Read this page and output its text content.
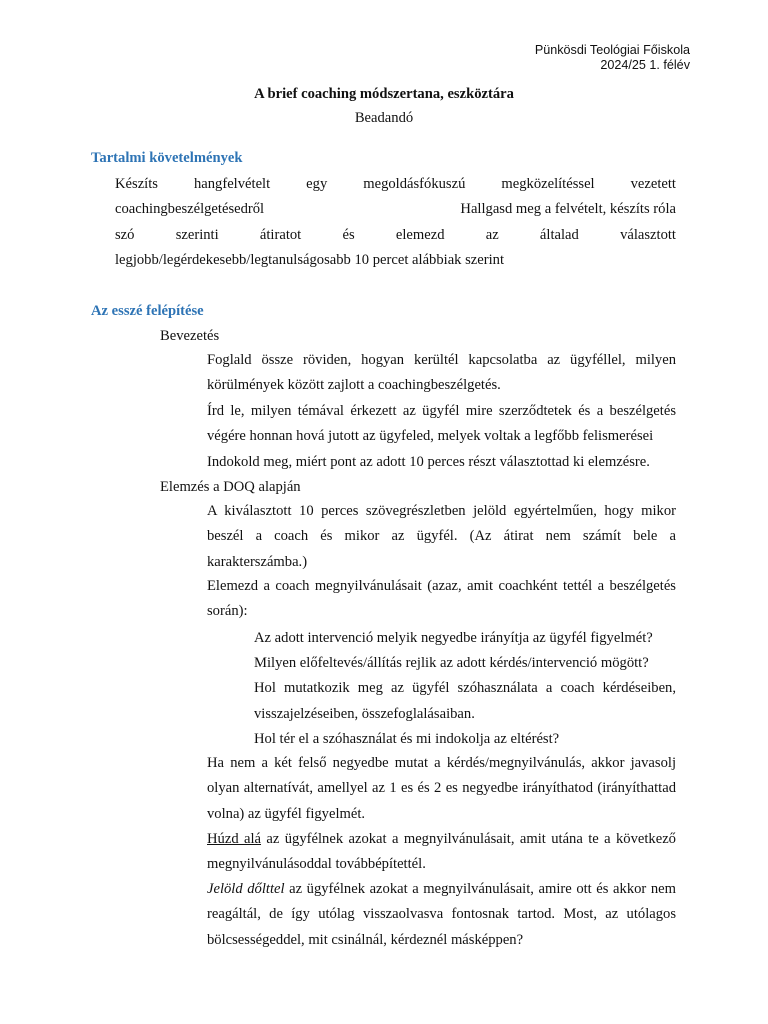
Pünkösdi Teológiai Főiskola
2024/25 1. félév
A brief coaching módszertana, eszköztára
Beadandó
Tartalmi követelmények
Készíts hangfelvételt egy megoldásfókuszú megközelítéssel vezetett
coachingbeszélgetésedről	Hallgasd meg a felvételt, készíts róla
szó szerinti átiratot és elemezd az általad választott
legjobb/legérdekesebb/legtanulságosabb 10 percet alábbiak szerint
Az esszé felépítése
Bevezetés
Foglald össze röviden, hogyan kerültél kapcsolatba az ügyféllel, milyen körülmények között zajlott a coachingbeszélgetés.
Írd le, milyen témával érkezett az ügyfél mire szerződtetek és a beszélgetés végére honnan hová jutott az ügyfeled, melyek voltak a legfőbb felismerései
Indokold meg, miért pont az adott 10 perces részt választottad ki elemzésre.
Elemzés a DOQ alapján
A kiválasztott 10 perces szövegrészletben jelöld egyértelműen, hogy mikor beszél a coach és mikor az ügyfél. (Az átirat nem számít bele a karakterszámba.)
Elemezd a coach megnyilvánulásait (azaz, amit coachként tettél a beszélgetés során):
Az adott intervenció melyik negyedbe irányítja az ügyfél figyelmét?
Milyen előfeltevés/állítás rejlik az adott kérdés/intervenció mögött?
Hol mutatkozik meg az ügyfél szóhasználata a coach kérdéseiben,
visszajelzéseiben, összefoglalásaiban.
Hol tér el a szóhasználat és mi indokolja az eltérést?
Ha nem a két felső negyedbe mutat a kérdés/megnyilvánulás, akkor javasolj olyan alternatívát, amellyel az 1 es és 2 es negyedbe irányíthatod (irányíthattad volna) az ügyfél figyelmét.
Húzd alá az ügyfélnek azokat a megnyilvánulásait, amit utána te a következő megnyilvánulásoddal továbbépítettél.
Jelöld dőlttel az ügyfélnek azokat a megnyilvánulásait, amire ott és akkor nem reagáltál, de így utólag visszaolvasva fontosnak tartod. Most, az utólagos bölcsességeddel, mit csinálnál, kérdeznél másképpen?
